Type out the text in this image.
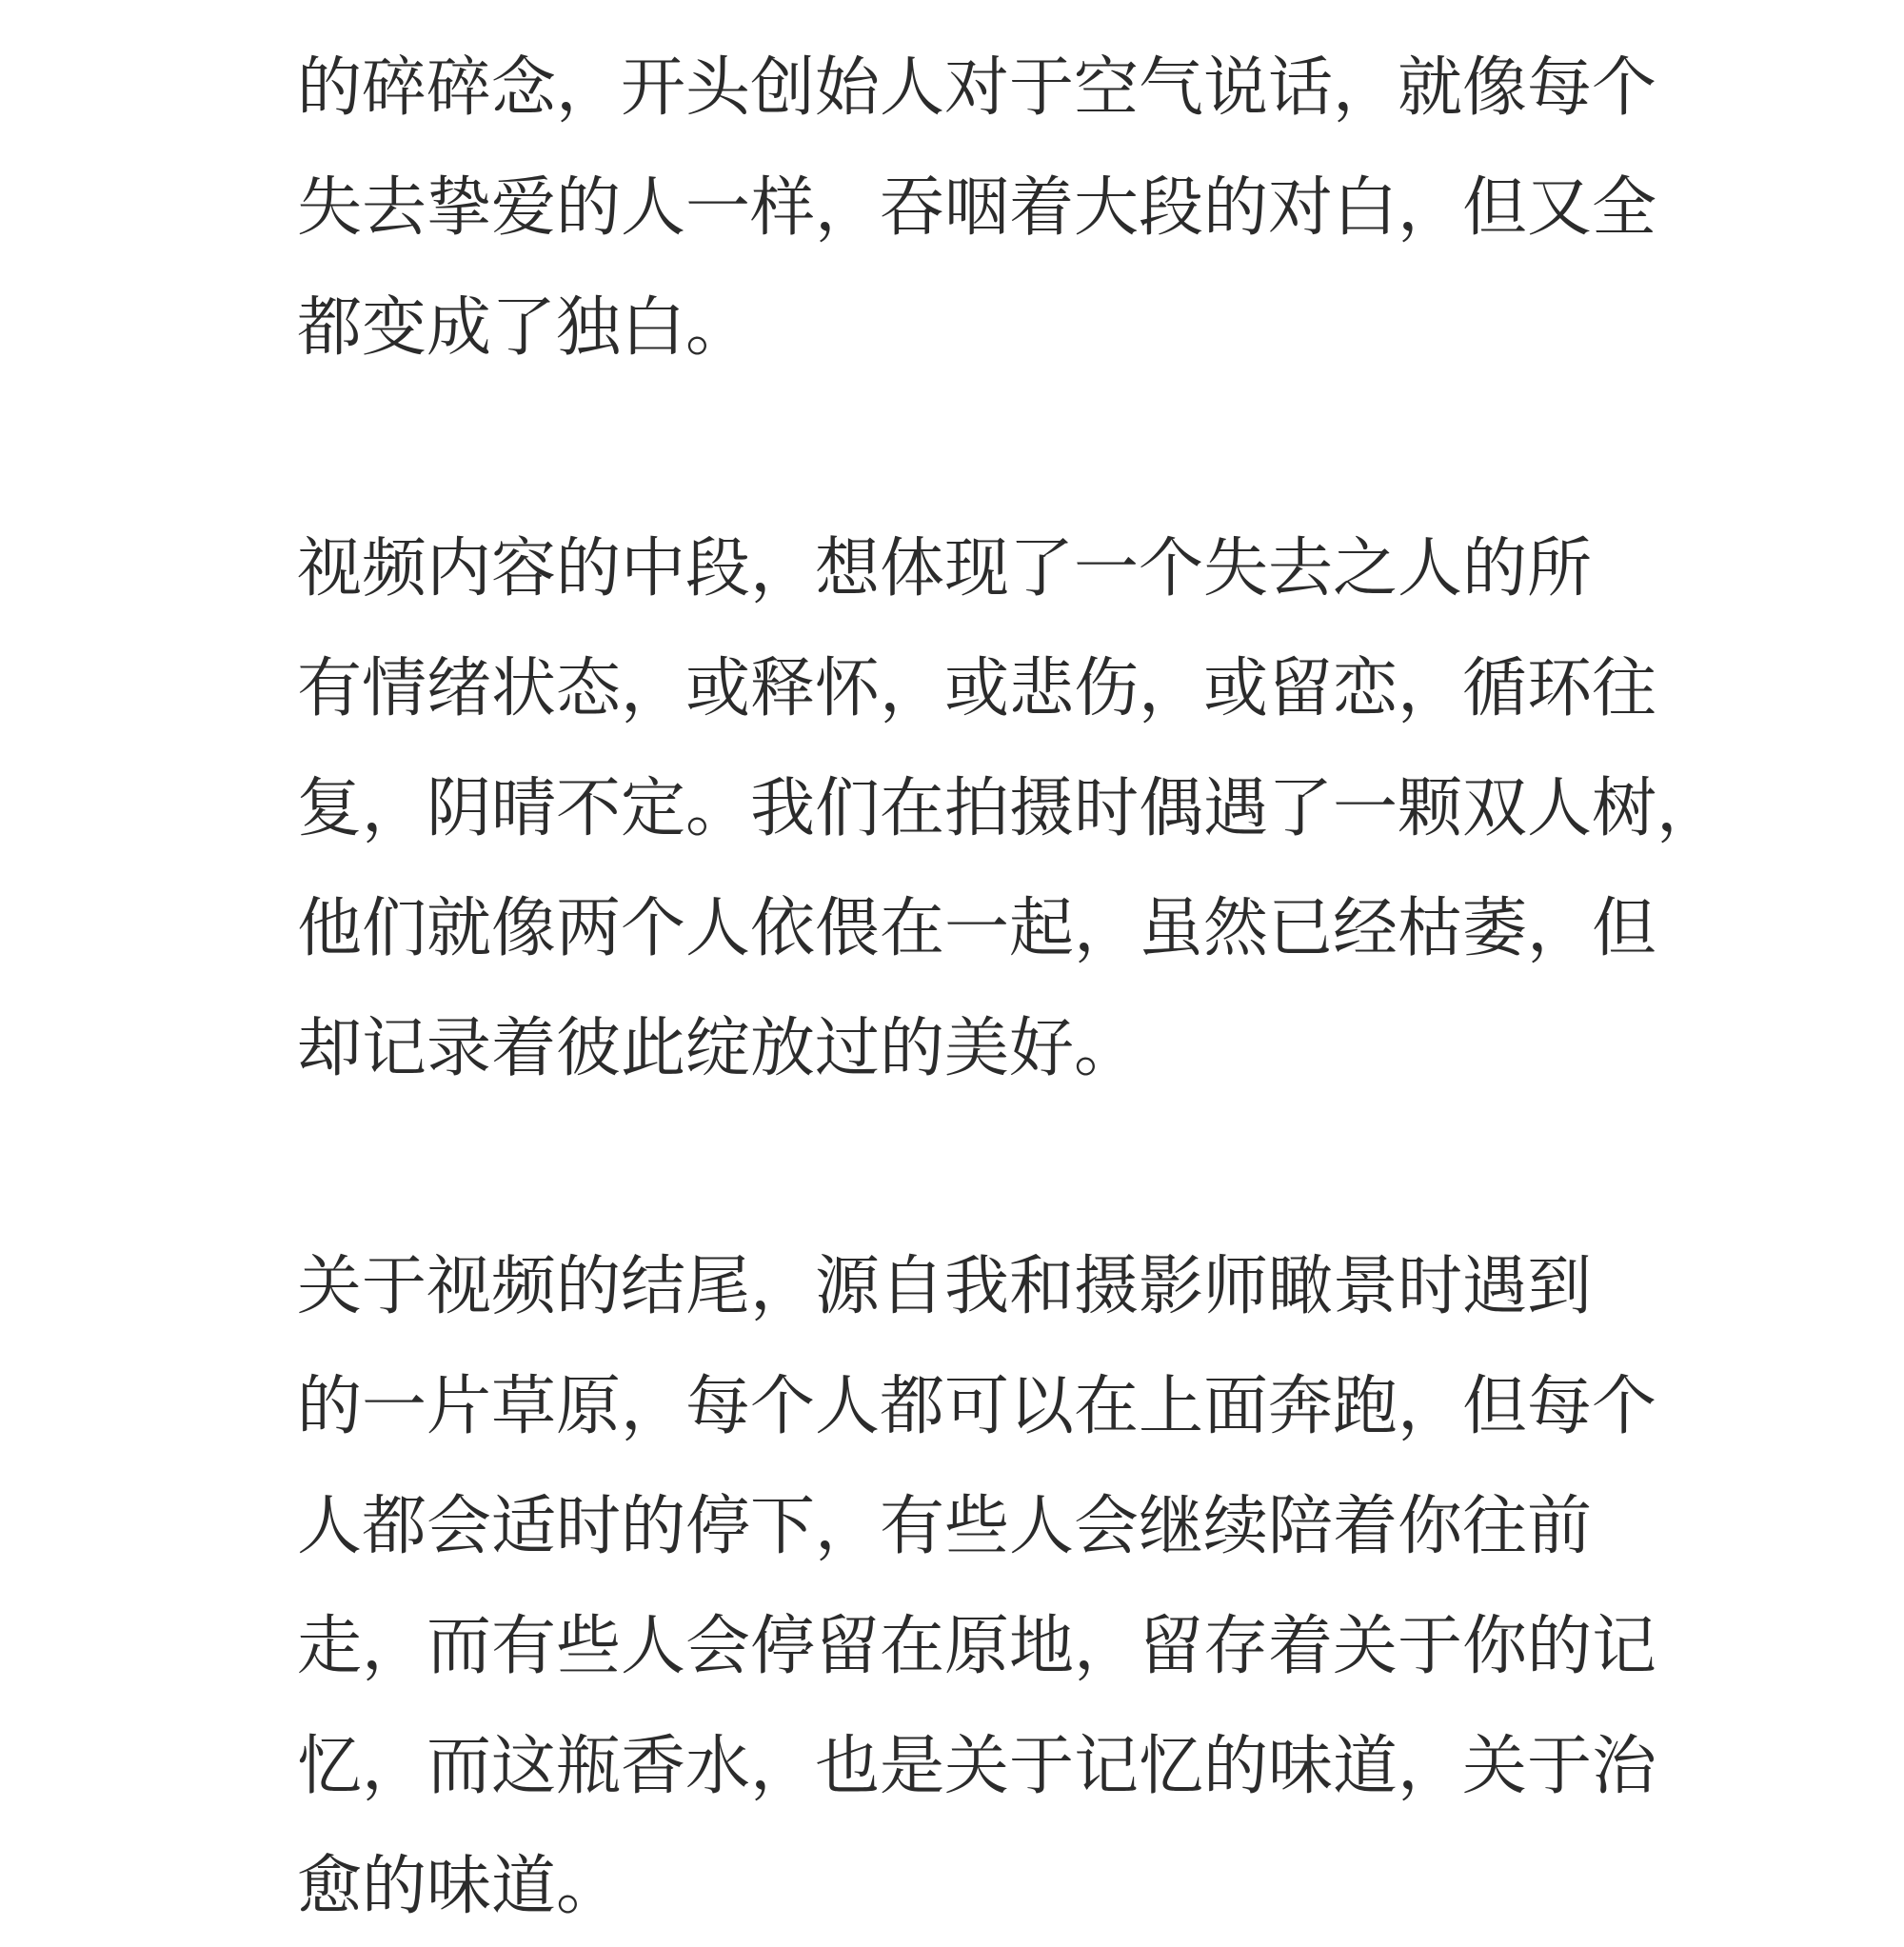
的碎碎念，开头创始人对于空气说话，就像每个

失去挚爱的人一样，吞咽着大段的对白，但又全

都变成了独白。

视频内容的中段，想体现了一个失去之人的所

有情绪状态，或释怀，或悲伤，或留恋，循环往

复，阴晴不定。我们在拍摄时偶遇了一颗双人树，

他们就像两个人依偎在一起，虽然已经枯萎，但

却记录着彼此绽放过的美好。

关于视频的结尾，源自我和摄影师瞰景时遇到

的一片草原，每个人都可以在上面奔跑，但每个

人都会适时的停下，有些人会继续陪着你往前

走，而有些人会停留在原地，留存着关于你的记

忆，而这瓶香水，也是关于记忆的味道，关于治

愈的味道。
